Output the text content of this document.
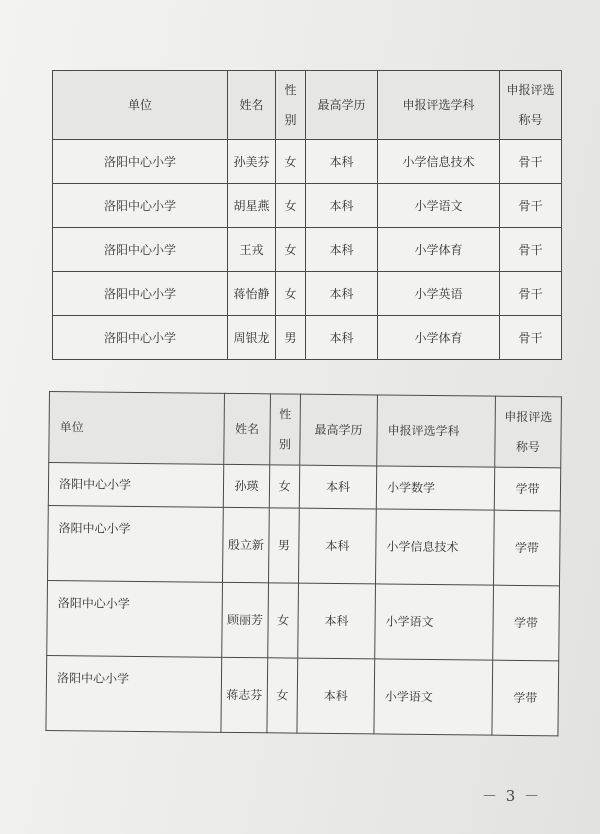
单位	姓名	性别	最高学历	申报评选学科	申报评选称号
洛阳中心小学	孙美芬	女	本科	小学信息技术	骨干
洛阳中心小学	胡星燕	女	本科	小学语文	骨干
洛阳中心小学	王戎	女	本科	小学体育	骨干
洛阳中心小学	蒋怡静	女	本科	小学英语	骨干
洛阳中心小学	周银龙	男	本科	小学体育	骨干
单位	姓名	性别	最高学历	申报评选学科	申报评选称号
洛阳中心小学	孙瑛	女	本科	小学数学	学带
洛阳中心小学	殷立新	男	本科	小学信息技术	学带
洛阳中心小学	顾丽芳	女	本科	小学语文	学带
洛阳中心小学	蒋志芬	女	本科	小学语文	学带
－ 3 －
